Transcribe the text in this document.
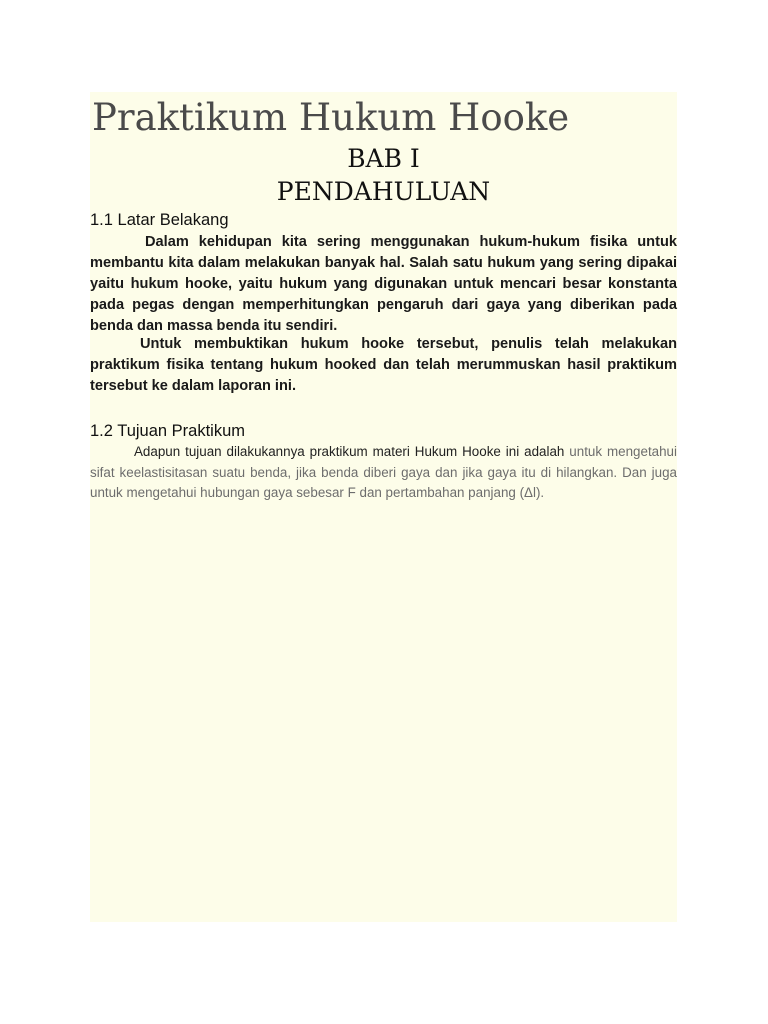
Praktikum Hukum Hooke
BAB I
PENDAHULUAN
1.1 Latar Belakang

Dalam kehidupan kita sering menggunakan hukum-hukum fisika untuk membantu kita dalam melakukan banyak hal. Salah satu hukum yang sering dipakai yaitu hukum hooke, yaitu hukum yang digunakan untuk mencari besar konstanta pada pegas dengan memperhitungkan pengaruh dari gaya yang diberikan pada benda dan massa benda itu sendiri.

Untuk membuktikan hukum hooke tersebut, penulis telah melakukan praktikum fisika tentang hukum hooked dan telah merummuskan hasil praktikum tersebut ke dalam laporan ini.

1.2 Tujuan Praktikum

Adapun tujuan dilakukannya praktikum materi Hukum Hooke ini adalah untuk mengetahui sifat keelastisitasan suatu benda, jika benda diberi gaya dan jika gaya itu di hilangkan. Dan juga untuk mengetahui hubungan gaya sebesar F dan pertambahan panjang (Δl).
